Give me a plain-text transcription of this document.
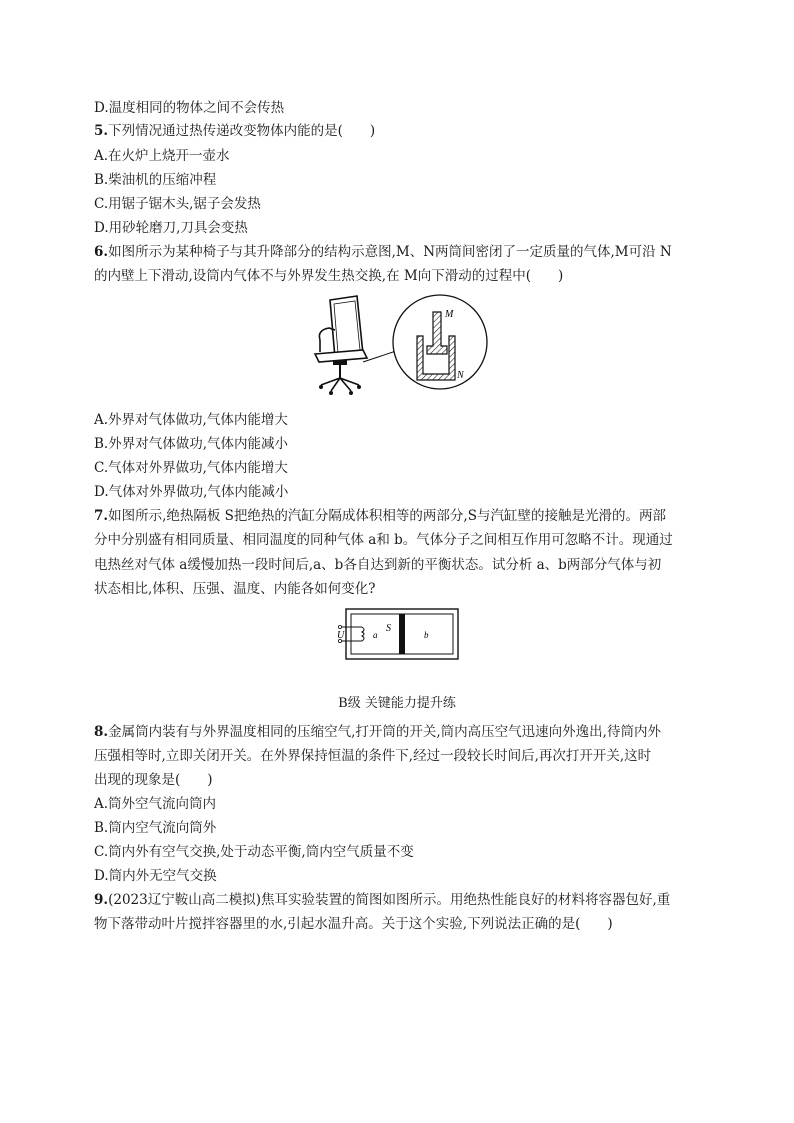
D.温度相同的物体之间不会传热
5.下列情况通过热传递改变物体内能的是(　　)
A.在火炉上烧开一壶水
B.柴油机的压缩冲程
C.用锯子锯木头,锯子会发热
D.用砂轮磨刀,刀具会变热
6.如图所示为某种椅子与其升降部分的结构示意图,M、N两筒间密闭了一定质量的气体,M可沿 N
的内壁上下滑动,设筒内气体不与外界发生热交换,在 M向下滑动的过程中(　　)
M
N
A.外界对气体做功,气体内能增大
B.外界对气体做功,气体内能减小
C.气体对外界做功,气体内能增大
D.气体对外界做功,气体内能减小
7.如图所示,绝热隔板 S把绝热的汽缸分隔成体积相等的两部分,S与汽缸壁的接触是光滑的。两部
分中分别盛有相同质量、相同温度的同种气体 a和 b。气体分子之间相互作用可忽略不计。现通过
电热丝对气体 a缓慢加热一段时间后,a、b各自达到新的平衡状态。试分析 a、b两部分气体与初
状态相比,体积、压强、温度、内能各如何变化?
U	a
S
b
B级 关键能力提升练
8.金属筒内装有与外界温度相同的压缩空气,打开筒的开关,筒内高压空气迅速向外逸出,待筒内外
压强相等时,立即关闭开关。在外界保持恒温的条件下,经过一段较长时间后,再次打开开关,这时
出现的现象是(　　)
A.筒外空气流向筒内
B.筒内空气流向筒外
C.筒内外有空气交换,处于动态平衡,筒内空气质量不变
D.筒内外无空气交换
9.(2023辽宁鞍山高二模拟)焦耳实验装置的简图如图所示。用绝热性能良好的材料将容器包好,重
物下落带动叶片搅拌容器里的水,引起水温升高。关于这个实验,下列说法正确的是(　　)
